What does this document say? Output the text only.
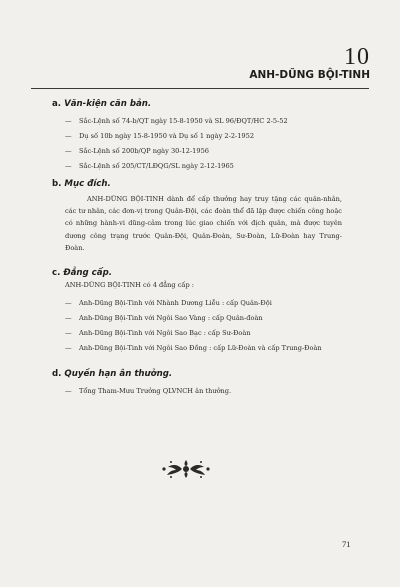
10
ANH-DŨNG BỘI-TINH
a. Văn-kiện căn bản.
— Sắc-Lệnh số 74-b/QT ngày 15-8-1950 và SL 96/ĐQT/HC 2-5-52
— Dụ số 10b ngày 15-8-1950 và Dụ số 1 ngày 2-2-1952
— Sắc-Lệnh số 200b/QP ngày 30-12-1956
— Sắc-Lệnh số 205/CT/LĐQG/SL ngày 2-12-1965
b. Mục đích.

ANH-DŨNG BỘI-TINH dành để cấp thưởng hay truy tặng các quân-nhân, các tư nhân, các đơn-vị trong Quân-Đội, các đoàn thể đã lập được chiến công hoặc có những hành-vi dũng-cảm trong lúc giao chiến với địch quân, mà được tuyên dương công trạng trước Quân-Đội, Quân-Đoàn, Sư-Đoàn, Lữ-Đoàn hay Trung-Đoàn.

c. Đẳng cấp.

ANH-DŨNG BỘI-TINH có 4 đẳng cấp :

— Anh-Dũng Bội-Tinh với Nhành Dương Liễu : cấp Quân-Đội
— Anh-Dũng Bội-Tinh với Ngôi Sao Vàng : cấp Quân-đoàn
— Anh-Dũng Bội-Tinh với Ngôi Sao Bạc : cấp Sư-Đoàn
— Anh-Dũng Bội-Tinh với Ngôi Sao Đồng : cấp Lữ-Đoàn và cấp Trung-Đoàn
d. Quyền hạn ân thưởng.
— Tổng Tham-Mưu Trưởng QLVNCH ân thưởng.
71
